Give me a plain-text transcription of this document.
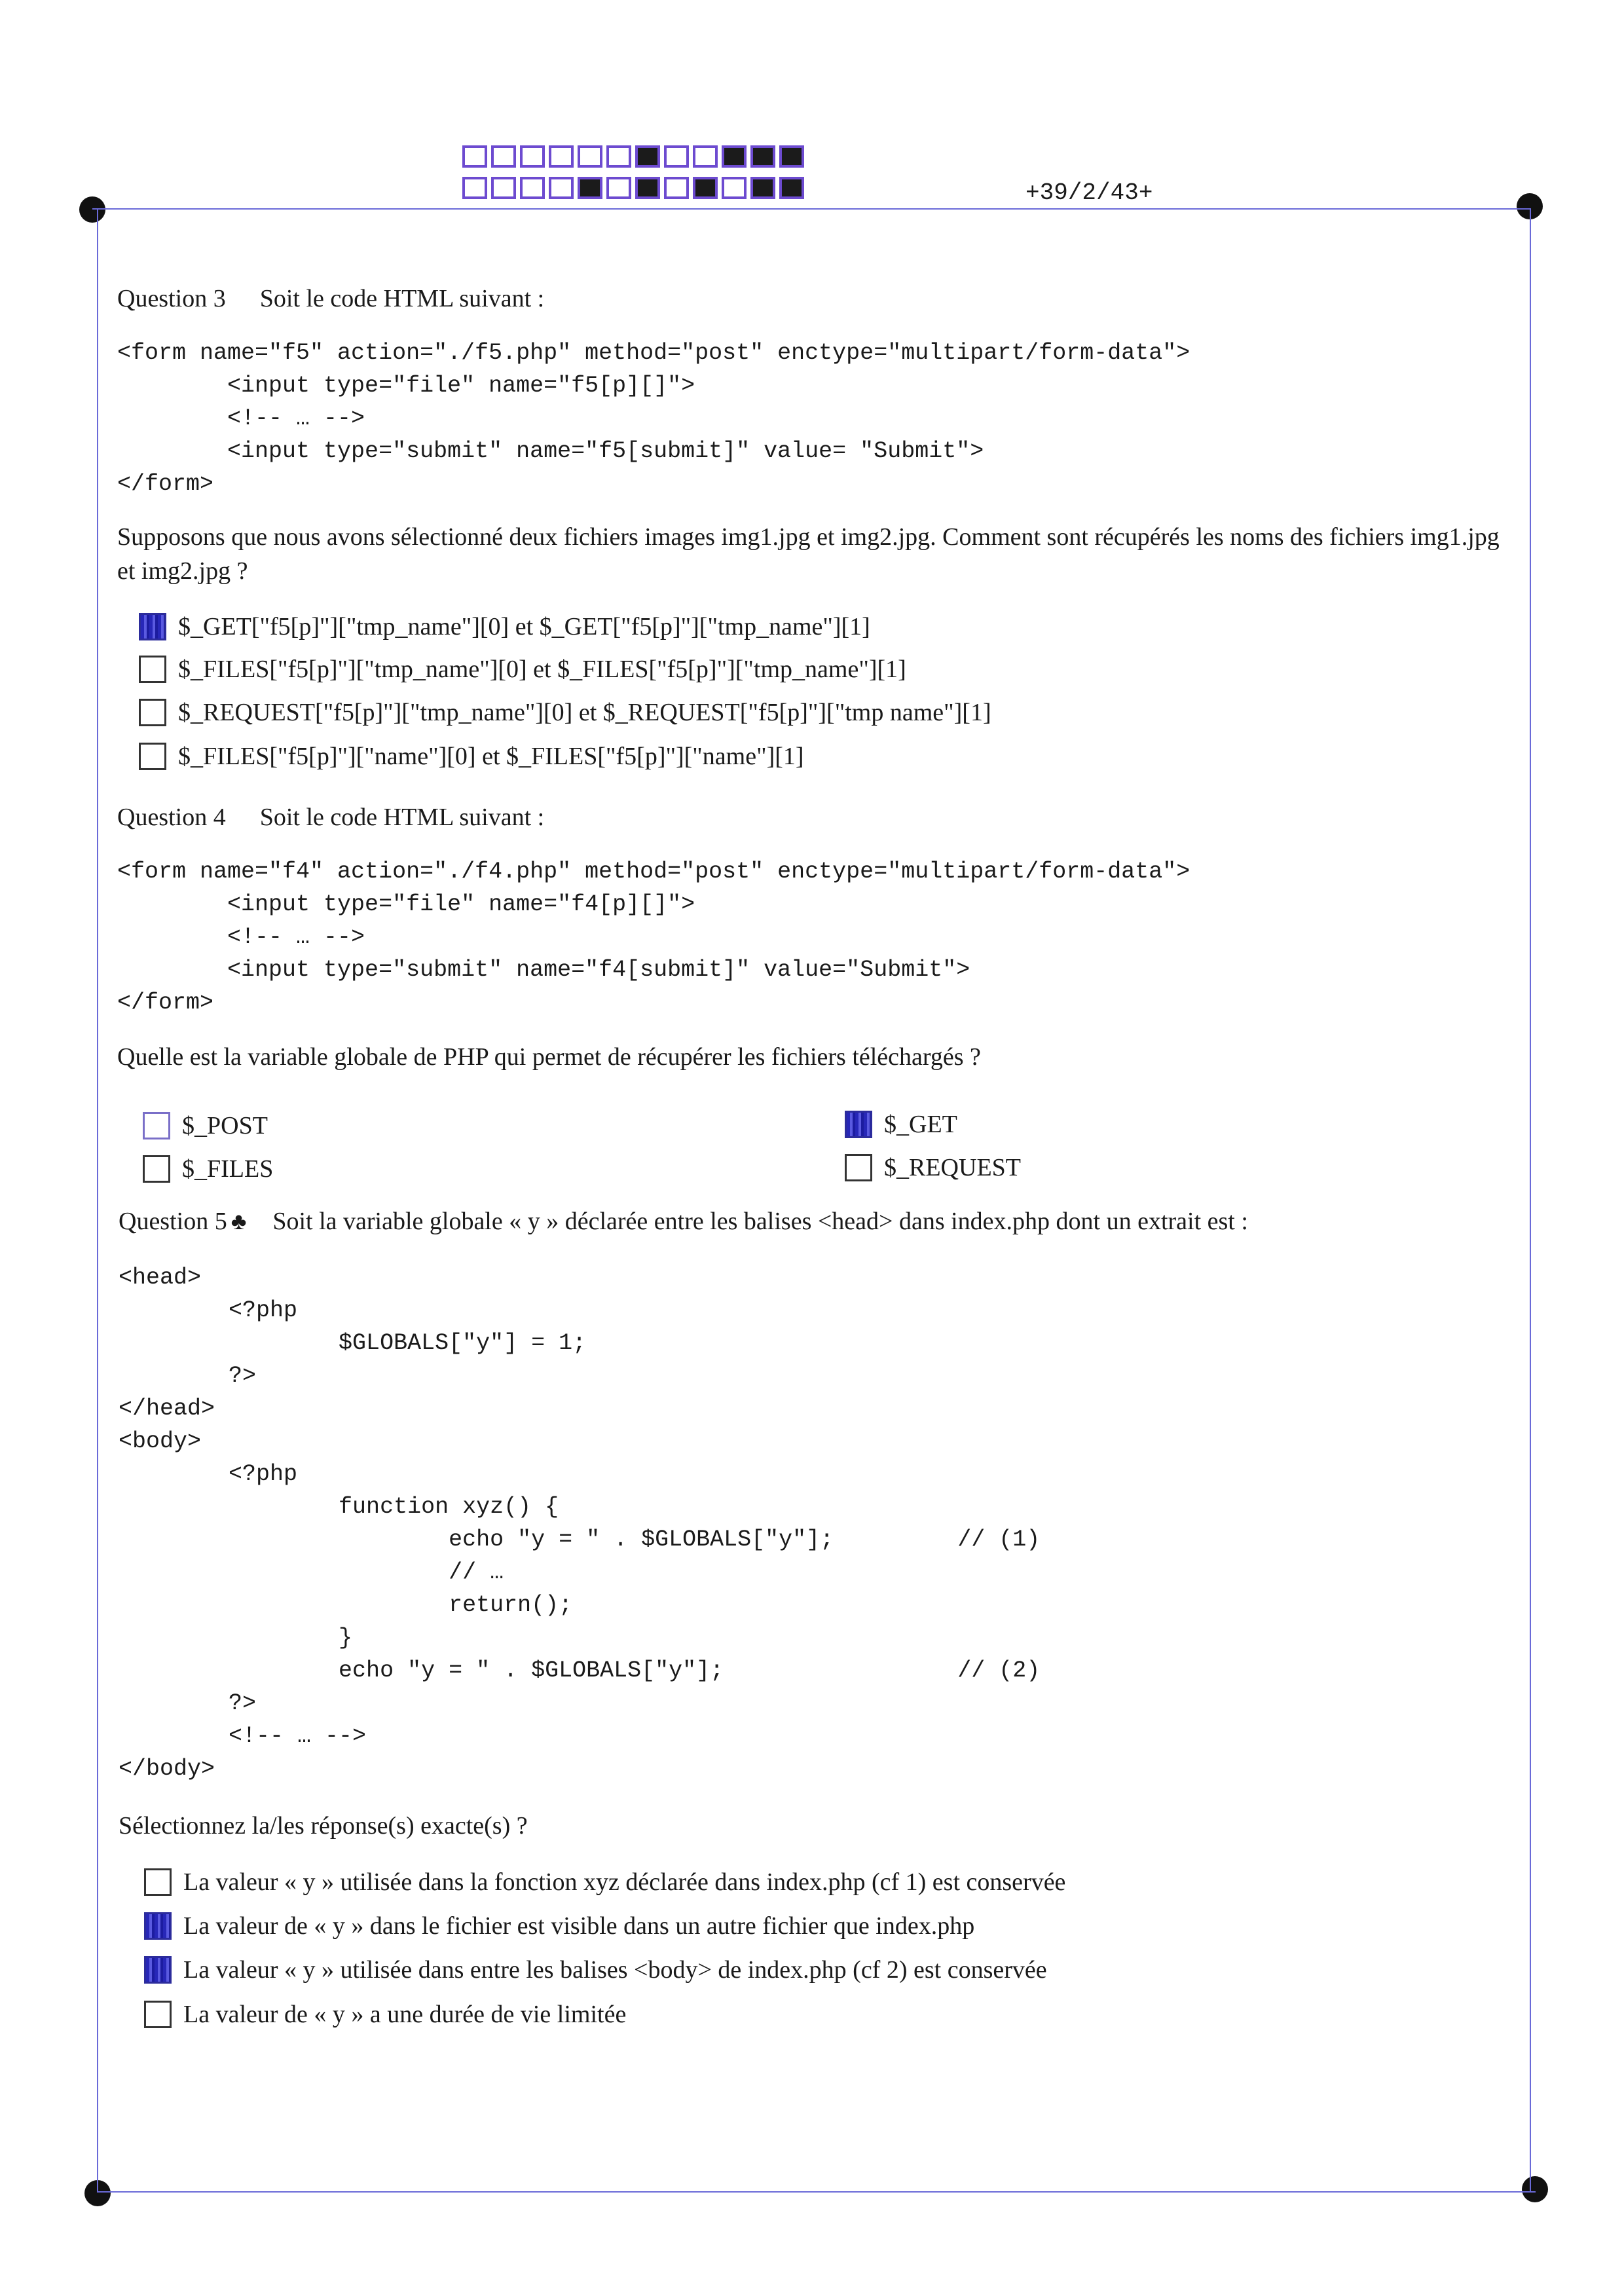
+39/2/43+
Question 3 Soit le code HTML suivant :
<form name="f5" action="./f5.php" method="post" enctype="multipart/form-data">
<input type="file" name="f5[p][]">
<!-- … -->
<input type="submit" name="f5[submit]" value= "Submit">
</form>
Supposons que nous avons sélectionné deux fichiers images img1.jpg et img2.jpg. Comment sont récupérés les noms des fichiers img1.jpg et img2.jpg ?
$_GET["f5[p]"]["tmp_name"][0] et $_GET["f5[p]"]["tmp_name"][1]
$_FILES["f5[p]"]["tmp_name"][0] et $_FILES["f5[p]"]["tmp_name"][1]
$_REQUEST["f5[p]"]["tmp_name"][0] et $_REQUEST["f5[p]"]["tmp name"][1]
$_FILES["f5[p]"]["name"][0] et $_FILES["f5[p]"]["name"][1]
Question 4 Soit le code HTML suivant :
<form name="f4" action="./f4.php" method="post" enctype="multipart/form-data">
<input type="file" name="f4[p][]">
<!-- … -->
<input type="submit" name="f4[submit]" value="Submit">
</form>
Quelle est la variable globale de PHP qui permet de récupérer les fichiers téléchargés ?
$_POST	$_GET
$_FILES	$_REQUEST
Question 5 ♣ Soit la variable globale « y » déclarée entre les balises <head> dans index.php dont un extrait est :
<head>
<?php
$GLOBALS["y"] = 1;
?>
</head>
<body>
<?php
function xyz() {
echo "y = " . $GLOBALS["y"];         // (1)
// …
return();
}
echo "y = " . $GLOBALS["y"];                 // (2)
?>
<!-- … -->
</body>
Sélectionnez la/les réponse(s) exacte(s) ?
La valeur « y » utilisée dans la fonction xyz déclarée dans index.php (cf 1) est conservée
La valeur de « y » dans le fichier est visible dans un autre fichier que index.php
La valeur « y » utilisée dans entre les balises <body> de index.php (cf 2) est conservée
La valeur de « y » a une durée de vie limitée
